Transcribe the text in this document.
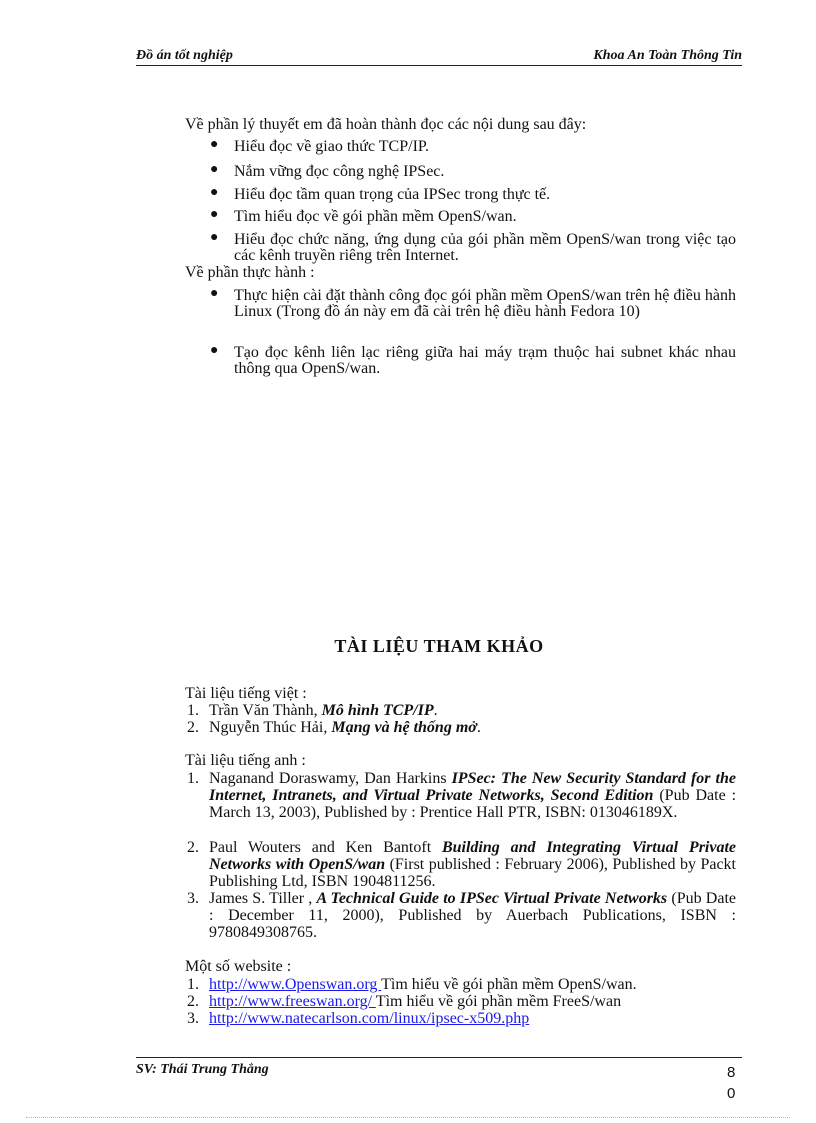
Đồ án tốt nghiệp	Khoa An Toàn Thông Tin
Về phần lý thuyết em đã hoàn thành đọc các nội dung sau đây:
● Hiểu đọc về giao thức TCP/IP.
● Nắm vững đọc công nghệ IPSec.
● Hiểu đọc tầm quan trọng của IPSec trong thực tế.
● Tìm hiểu đọc về gói phần mềm OpenS/wan.
● Hiểu đọc chức năng, ứng dụng của gói phần mềm OpenS/wan trong việc tạo các kênh truyền riêng trên Internet.
Về phần thực hành :
● Thực hiện cài đặt thành công đọc gói phần mềm OpenS/wan trên hệ điều hành Linux (Trong đồ án này em đã cài trên hệ điều hành Fedora 10)
● Tạo đọc kênh liên lạc riêng giữa hai máy trạm thuộc hai subnet khác nhau thông qua OpenS/wan.
TÀI LIỆU THAM KHẢO
Tài liệu tiếng việt :
1. Trần Văn Thành, Mô hình TCP/IP.
2. Nguyễn Thúc Hải, Mạng và hệ thống mở.
Tài liệu tiếng anh :
1. Naganand Doraswamy, Dan Harkins IPSec: The New Security Standard for the Internet, Intranets, and Virtual Private Networks, Second Edition (Pub Date : March 13, 2003), Published by : Prentice Hall PTR, ISBN: 013046189X.
2. Paul Wouters and Ken Bantoft Building and Integrating Virtual Private Networks with OpenS/wan (First published : February 2006), Published by Packt Publishing Ltd, ISBN 1904811256.
3. James S. Tiller , A Technical Guide to IPSec Virtual Private Networks (Pub Date : December 11, 2000), Published by Auerbach Publications, ISBN : 9780849308765.
Một số website :
1. http://www.Openswan.org Tìm hiểu về gói phần mềm OpenS/wan.
2. http://www.freeswan.org/ Tìm hiểu về gói phần mềm FreeS/wan
3. http://www.natecarlson.com/linux/ipsec-x509.php
SV: Thái Trung Thắng	8
0
